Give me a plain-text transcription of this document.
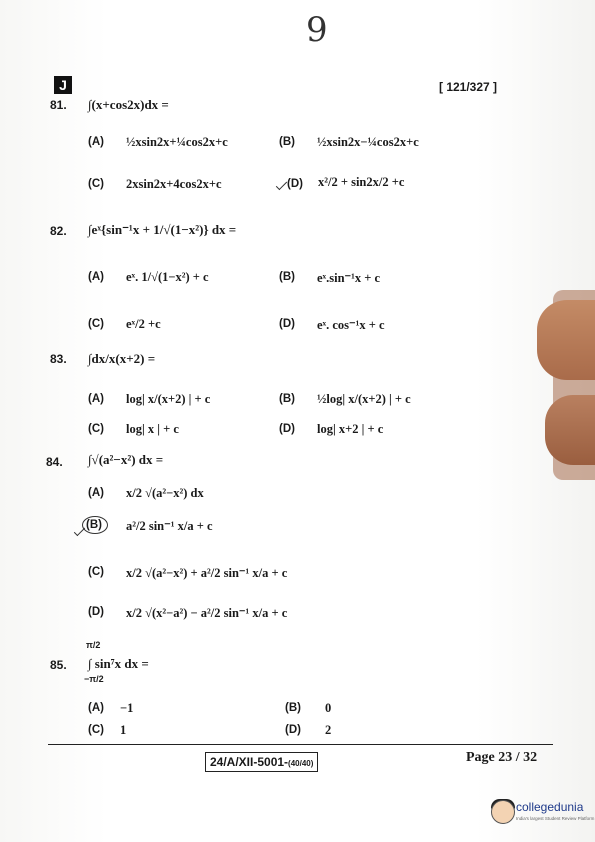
9
J	[ 121/327 ]
81. ∫(x+cos2x)dx =
(A) ½xsin2x+¼cos2x+c	(B) ½xsin2x−¼cos2x+c
(C) 2xsin2x+4cos2x+c	(D) x²/2 + sin2x/2 +c
82. ∫eˣ{sin⁻¹x + 1/√(1−x²)} dx =
(A) eˣ. 1/√(1−x²) + c	(B) eˣ.sin⁻¹x + c
(C) eˣ/2 +c	(D) eˣ. cos⁻¹x + c
83. ∫dx/x(x+2) =
(A) log| x/(x+2) | + c	(B) ½log| x/(x+2) | + c
(C) log| x | + c	(D) log| x+2 | + c
84. ∫√(a²−x²) dx =
(A) x/2 √(a²−x²) dx
(B) a²/2 sin⁻¹ x/a + c
(C) x/2 √(a²−x²) + a²/2 sin⁻¹ x/a + c
(D) x/2 √(x²−a²) − a²/2 sin⁻¹ x/a + c
π/2
85. ∫ sin⁷x dx =
−π/2
(A) −1	(B) 0
(C) 1	(D) 2
24/A/XII-5001-(40/40)	Page 23 / 32
collegedunia
India's largest Student Review Platform
